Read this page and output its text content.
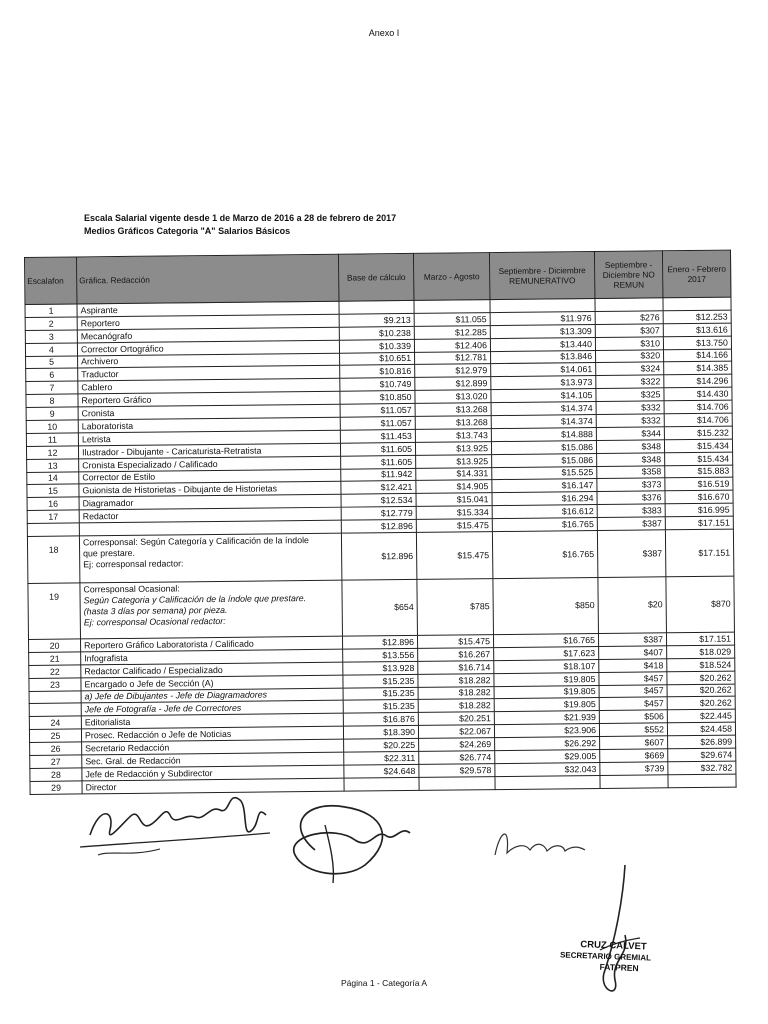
Anexo I
Escala Salarial vigente desde 1 de Marzo de 2016 a 28 de febrero de 2017
Medios Gráficos Categoria "A" Salarios Básicos
Escalafon	Gráfica. Redacción	Base de cálculo	Marzo - Agosto	Septiembre - Diciembre REMUNERATIVO	Septiembre - Diciembre NO REMUN	Enero - Febrero 2017
1	Aspirante					
2	Reportero	$9.213	$11.055	$11.976	$276	$12.253
3	Mecanógrafo	$10.238	$12.285	$13.309	$307	$13.616
4	Corrector Ortográfico	$10.339	$12.406	$13.440	$310	$13.750
5	Archivero	$10.651	$12.781	$13.846	$320	$14.166
6	Traductor	$10.816	$12.979	$14.061	$324	$14.385
7	Cablero	$10.749	$12.899	$13.973	$322	$14.296
8	Reportero Gráfico	$10.850	$13.020	$14.105	$325	$14.430
9	Cronista	$11.057	$13.268	$14.374	$332	$14.706
10	Laboratorista	$11.057	$13.268	$14.374	$332	$14.706
11	Letrista	$11.453	$13.743	$14.888	$344	$15.232
12	Ilustrador - Dibujante - Caricaturista-Retratista	$11.605	$13.925	$15.086	$348	$15.434
13	Cronista Especializado / Calificado	$11.605	$13.925	$15.086	$348	$15.434
14	Corrector de Estilo	$11.942	$14.331	$15.525	$358	$15.883
15	Guionista de Historietas - Dibujante de Historietas	$12.421	$14.905	$16.147	$373	$16.519
16	Diagramador	$12.534	$15.041	$16.294	$376	$16.670
17	Redactor	$12.779	$15.334	$16.612	$383	$16.995
		$12.896	$15.475	$16.765	$387	$17.151
18	Corresponsal: Según Categoría y Calificación de la índole
que prestare.
Ej: corresponsal redactor:	$12.896	$15.475	$16.765	$387	$17.151
19	Corresponsal Ocasional:
Según Categoria y Calificación de la índole que prestare.
(hasta 3 días por semana) por pieza.
Ej: corresponsal Ocasional redactor:	$654	$785	$850	$20	$870
20	Reportero Gráfico Laboratorista / Calificado	$12.896	$15.475	$16.765	$387	$17.151
21	Infografista	$13.556	$16.267	$17.623	$407	$18.029
22	Redactor Calificado / Especializado	$13.928	$16.714	$18.107	$418	$18.524
23	Encargado o Jefe de Sección (A)	$15.235	$18.282	$19.805	$457	$20.262
	a) Jefe de Dibujantes - Jefe de Diagramadores	$15.235	$18.282	$19.805	$457	$20.262
	Jefe de Fotografía - Jefe de Correctores	$15.235	$18.282	$19.805	$457	$20.262
24	Editorialista	$16.876	$20.251	$21.939	$506	$22.445
25	Prosec. Redacción o Jefe de Noticias	$18.390	$22.067	$23.906	$552	$24.458
26	Secretario Redacción	$20.225	$24.269	$26.292	$607	$26.899
27	Sec. Gral. de Redacción	$22.311	$26.774	$29.005	$669	$29.674
28	Jefe de Redacción y Subdirector	$24.648	$29.578	$32.043	$739	$32.782
29	Director					
CRUZ CALVET
SECRETARIO GREMIAL
FATPREN
Página 1 - Categoría A
